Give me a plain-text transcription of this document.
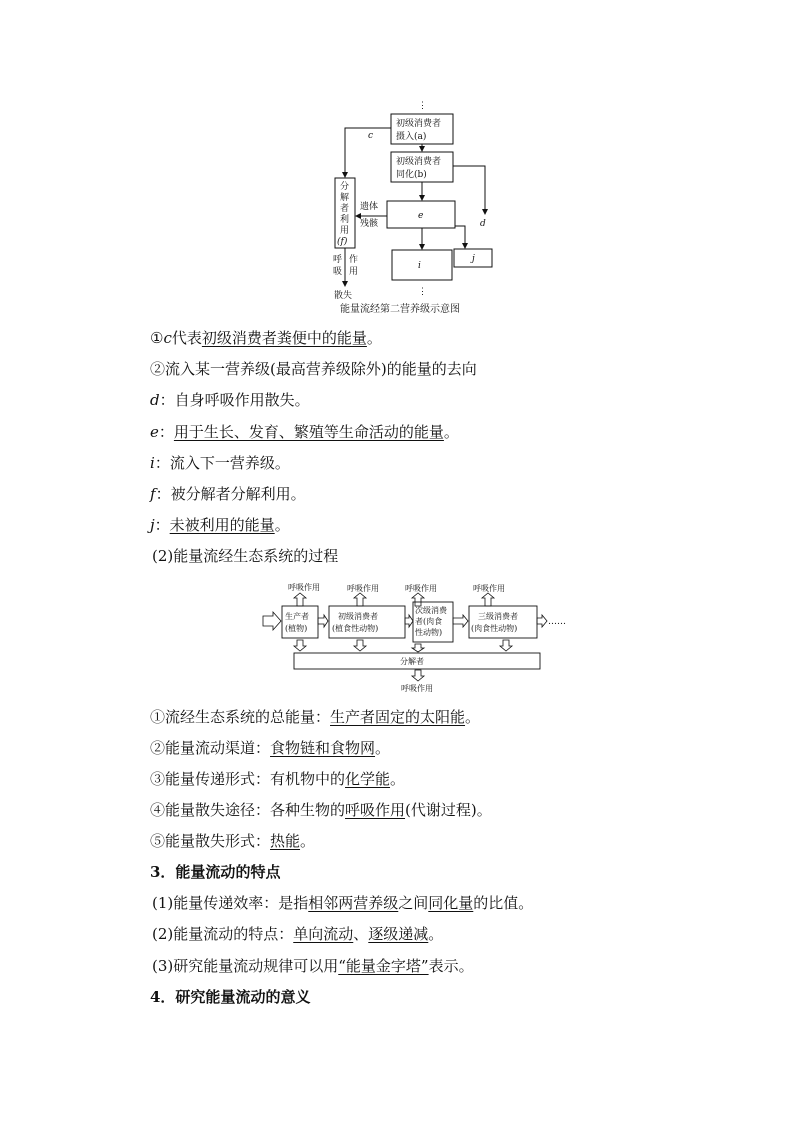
⋮
初级消费者
摄入(a)
初级消费者
同化(b)
e
i
⋮
j
d
分
解
者
利
用
(f)
c
遗体
残骸
呼
吸
作
用
散失
能量流经第二营养级示意图
①c代表初级消费者粪便中的能量。
②流入某一营养级(最高营养级除外)的能量的去向
d：自身呼吸作用散失。
e：用于生长、发育、繁殖等生命活动的能量。
i：流入下一营养级。
f：被分解者分解利用。
j：未被利用的能量。
(2)能量流经生态系统的过程
呼吸作用	呼吸作用	呼吸作用	呼吸作用
生产者
(植物)
初级消费者
(植食性动物)
次级消费
者(肉食
性动物)
三级消费者
(肉食性动物)
……
分解者
呼吸作用
①流经生态系统的总能量：生产者固定的太阳能。
②能量流动渠道：食物链和食物网。
③能量传递形式：有机物中的化学能。
④能量散失途径：各种生物的呼吸作用(代谢过程)。
⑤能量散失形式：热能。
3．能量流动的特点
(1)能量传递效率：是指相邻两营养级之间同化量的比值。
(2)能量流动的特点：单向流动、逐级递减。
(3)研究能量流动规律可以用“能量金字塔”表示。
4．研究能量流动的意义
